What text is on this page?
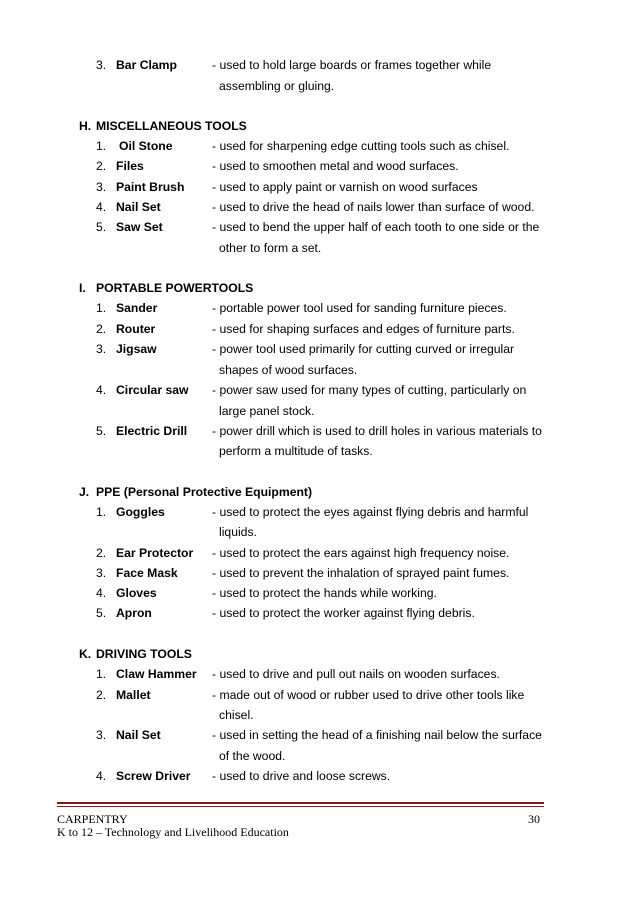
3. Bar Clamp	- used to hold large boards or frames together while
assembling or gluing.
H. MISCELLANEOUS TOOLS
1. Oil Stone	- used for sharpening edge cutting tools such as chisel.
2. Files	- used to smoothen metal and wood surfaces.
3. Paint Brush - used to apply paint or varnish on wood surfaces
4. Nail Set	- used to drive the head of nails lower than surface of wood.
5. Saw Set	- used to bend the upper half of each tooth to one side or the
other to form a set.
I. PORTABLE POWERTOOLS
1. Sander	- portable power tool used for sanding furniture pieces.
2. Router	- used for shaping surfaces and edges of furniture parts.
3. Jigsaw	- power tool used primarily for cutting curved or irregular
shapes of wood surfaces.
4. Circular saw - power saw used for many types of cutting, particularly on
large panel stock.
5. Electric Drill - power drill which is used to drill holes in various materials to
perform a multitude of tasks.
J. PPE (Personal Protective Equipment)
1. Goggles	- used to protect the eyes against flying debris and harmful
liquids.
2. Ear Protector - used to protect the ears against high frequency noise.
3. Face Mask	- used to prevent the inhalation of sprayed paint fumes.
4. Gloves	- used to protect the hands while working.
5. Apron	- used to protect the worker against flying debris.
K. DRIVING TOOLS
1. Claw Hammer - used to drive and pull out nails on wooden surfaces.
2. Mallet	- made out of wood or rubber used to drive other tools like
chisel.
3. Nail Set	- used in setting the head of a finishing nail below the surface
of the wood.
4. Screw Driver - used to drive and loose screws.
CARPENTRY	30
K to 12 – Technology and Livelihood Education
